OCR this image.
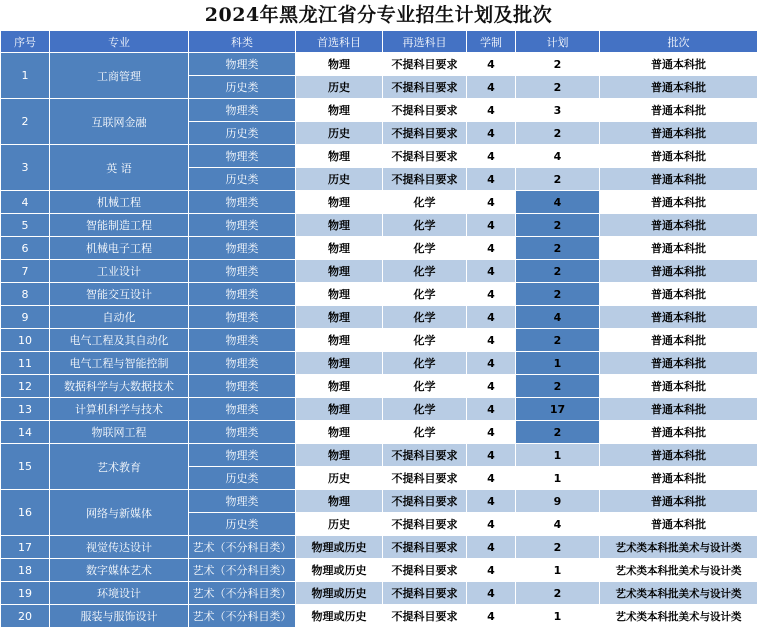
2024年黑龙江省分专业招生计划及批次
序号	专业	科类	首选科目	再选科目	学制	计划	批次
1	工商管理	物理类	物理	不提科目要求	4	2	普通本科批
		历史类	历史	不提科目要求	4	2	普通本科批
2	互联网金融	物理类	物理	不提科目要求	4	3	普通本科批
		历史类	历史	不提科目要求	4	2	普通本科批
3	英 语	物理类	物理	不提科目要求	4	4	普通本科批
		历史类	历史	不提科目要求	4	2	普通本科批
4	机械工程	物理类	物理	化学	4	4	普通本科批
5	智能制造工程	物理类	物理	化学	4	2	普通本科批
6	机械电子工程	物理类	物理	化学	4	2	普通本科批
7	工业设计	物理类	物理	化学	4	2	普通本科批
8	智能交互设计	物理类	物理	化学	4	2	普通本科批
9	自动化	物理类	物理	化学	4	4	普通本科批
10	电气工程及其自动化	物理类	物理	化学	4	2	普通本科批
11	电气工程与智能控制	物理类	物理	化学	4	1	普通本科批
12	数据科学与大数据技术	物理类	物理	化学	4	2	普通本科批
13	计算机科学与技术	物理类	物理	化学	4	17	普通本科批
14	物联网工程	物理类	物理	化学	4	2	普通本科批
15	艺术教育	物理类	物理	不提科目要求	4	1	普通本科批
		历史类	历史	不提科目要求	4	1	普通本科批
16	网络与新媒体	物理类	物理	不提科目要求	4	9	普通本科批
		历史类	历史	不提科目要求	4	4	普通本科批
17	视觉传达设计	艺术（不分科目类）	物理或历史	不提科目要求	4	2	艺术类本科批美术与设计类
18	数字媒体艺术	艺术（不分科目类）	物理或历史	不提科目要求	4	1	艺术类本科批美术与设计类
19	环境设计	艺术（不分科目类）	物理或历史	不提科目要求	4	2	艺术类本科批美术与设计类
20	服装与服饰设计	艺术（不分科目类）	物理或历史	不提科目要求	4	1	艺术类本科批美术与设计类
